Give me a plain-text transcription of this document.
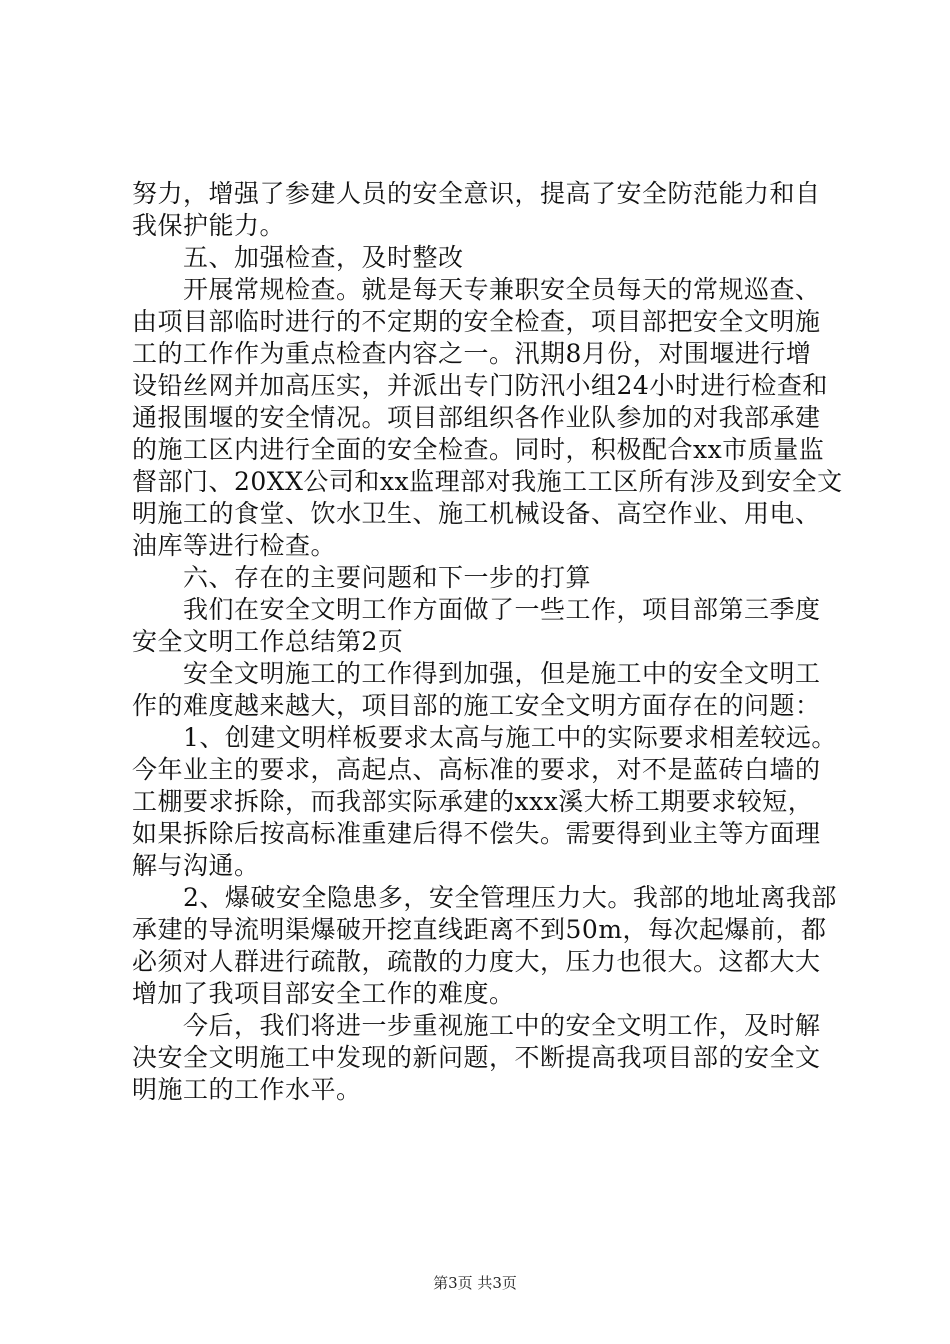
努力，增强了参建人员的安全意识，提高了安全防范能力和自
我保护能力。
　　五、加强检查，及时整改
　　开展常规检查。就是每天专兼职安全员每天的常规巡查、
由项目部临时进行的不定期的安全检查，项目部把安全文明施
工的工作作为重点检查内容之一。汛期8月份，对围堰进行增
设铅丝网并加高压实，并派出专门防汛小组24小时进行检查和
通报围堰的安全情况。项目部组织各作业队参加的对我部承建
的施工区内进行全面的安全检查。同时，积极配合xx市质量监
督部门、20XX公司和xx监理部对我施工工区所有涉及到安全文
明施工的食堂、饮水卫生、施工机械设备、高空作业、用电、
油库等进行检查。
　　六、存在的主要问题和下一步的打算
　　我们在安全文明工作方面做了一些工作，项目部第三季度
安全文明工作总结第2页
　　安全文明施工的工作得到加强，但是施工中的安全文明工
作的难度越来越大，项目部的施工安全文明方面存在的问题：
　　1、创建文明样板要求太高与施工中的实际要求相差较远。
今年业主的要求，高起点、高标准的要求，对不是蓝砖白墙的
工棚要求拆除，而我部实际承建的xxx溪大桥工期要求较短，
如果拆除后按高标准重建后得不偿失。需要得到业主等方面理
解与沟通。
　　2、爆破安全隐患多，安全管理压力大。我部的地址离我部
承建的导流明渠爆破开挖直线距离不到50m，每次起爆前，都
必须对人群进行疏散，疏散的力度大，压力也很大。这都大大
增加了我项目部安全工作的难度。
　　今后，我们将进一步重视施工中的安全文明工作，及时解
决安全文明施工中发现的新问题，不断提高我项目部的安全文
明施工的工作水平。
第3页 共3页
